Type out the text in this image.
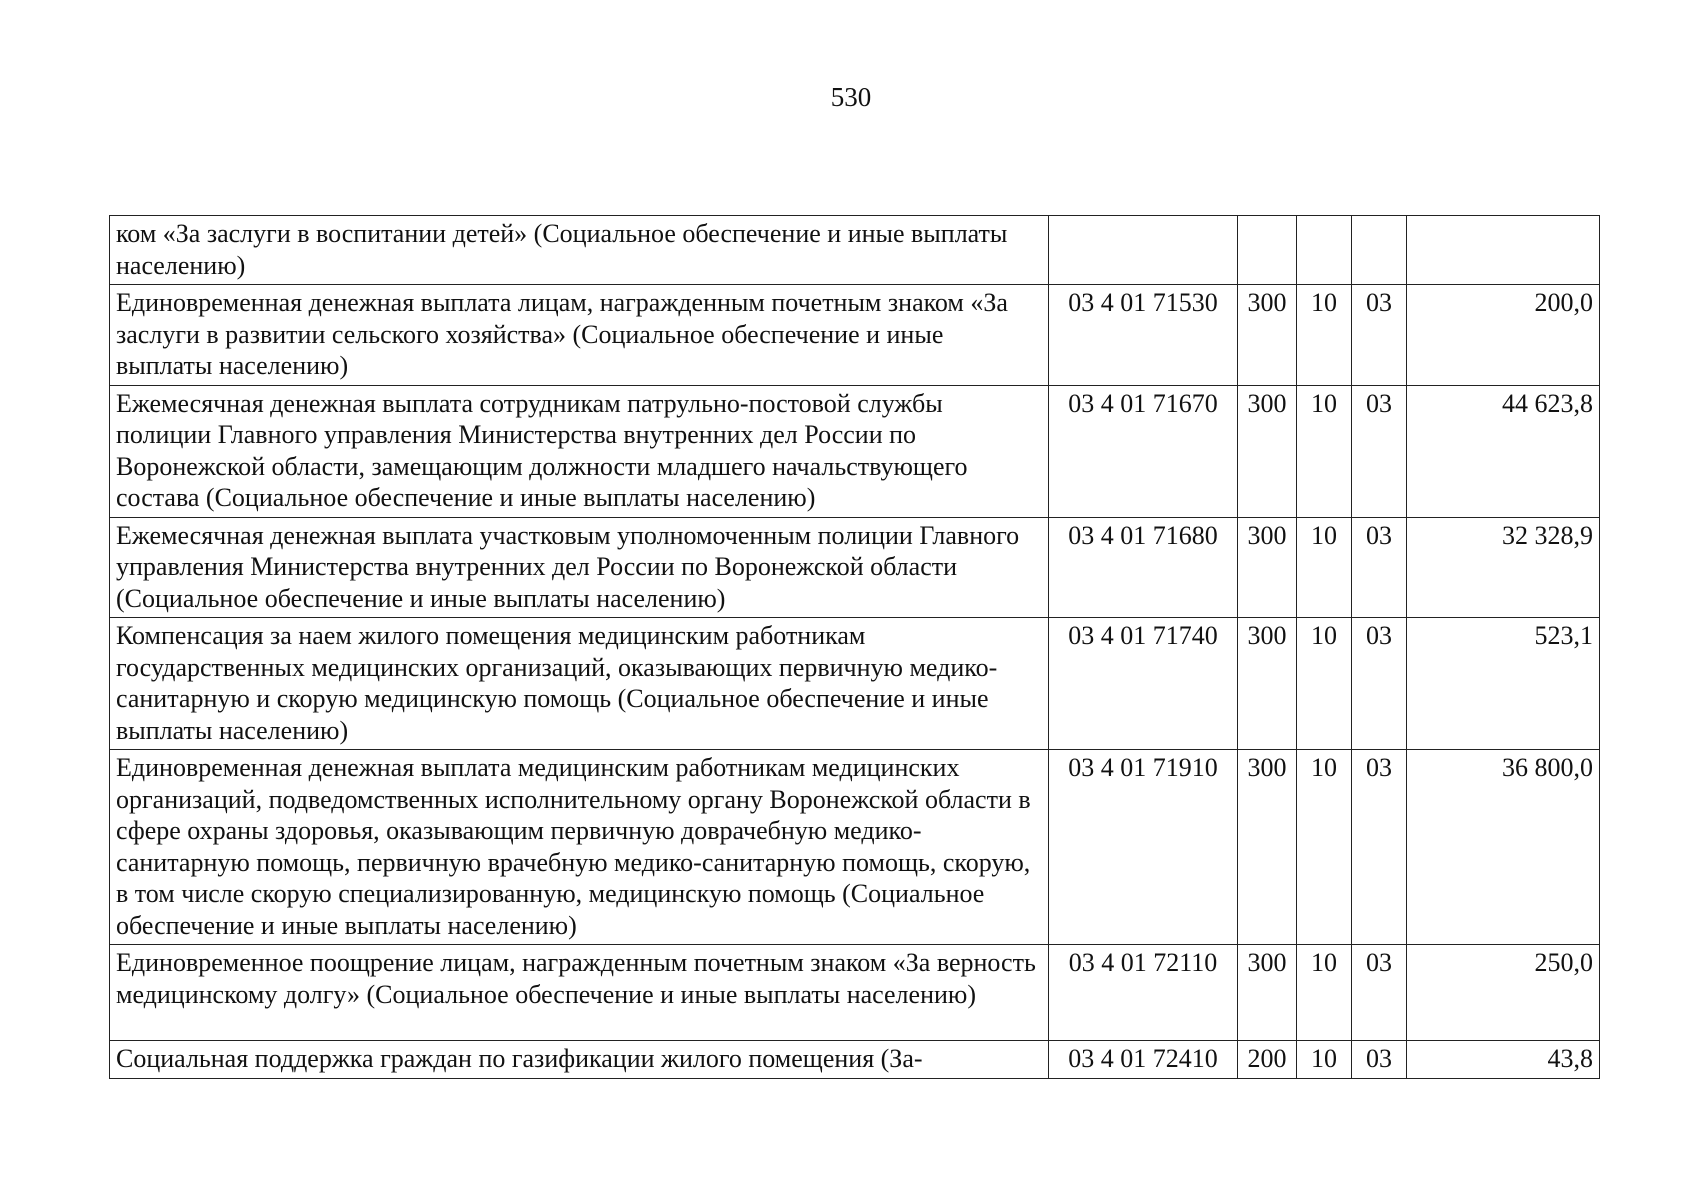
530
ком «За заслуги в воспитании детей» (Социальное обеспечение и иные выплаты населению)					
Единовременная денежная выплата лицам, награжденным почетным знаком «За заслуги в развитии сельского хозяйства» (Социальное обеспечение и иные выплаты населению)	03 4 01 71530	300	10	03	200,0
Ежемесячная денежная выплата сотрудникам патрульно-постовой службы полиции Главного управления Министерства внутренних дел России по Воронежской области, замещающим должности младшего начальствующего состава (Социальное обеспечение и иные выплаты населению)	03 4 01 71670	300	10	03	44 623,8
Ежемесячная денежная выплата участковым уполномоченным полиции Главного управления Министерства внутренних дел России по Воронежской области (Социальное обеспечение и иные выплаты населению)	03 4 01 71680	300	10	03	32 328,9
Компенсация за наем жилого помещения медицинским работникам государственных медицинских организаций, оказывающих первичную медико-санитарную и скорую медицинскую помощь (Социальное обеспечение и иные выплаты населению)	03 4 01 71740	300	10	03	523,1
Единовременная денежная выплата медицинским работникам медицинских организаций, подведомственных исполнительному органу Воронежской области в сфере охраны здоровья, оказывающим первичную доврачебную медико-санитарную помощь, первичную врачебную медико-санитарную помощь, скорую, в том числе скорую специализированную, медицинскую помощь (Социальное обеспечение и иные выплаты населению)	03 4 01 71910	300	10	03	36 800,0
Единовременное поощрение лицам, награжденным почетным знаком «За верность медицинскому долгу» (Социальное обеспечение и иные выплаты населению)	03 4 01 72110	300	10	03	250,0
Социальная поддержка граждан по газификации жилого помещения (За-	03 4 01 72410	200	10	03	43,8
